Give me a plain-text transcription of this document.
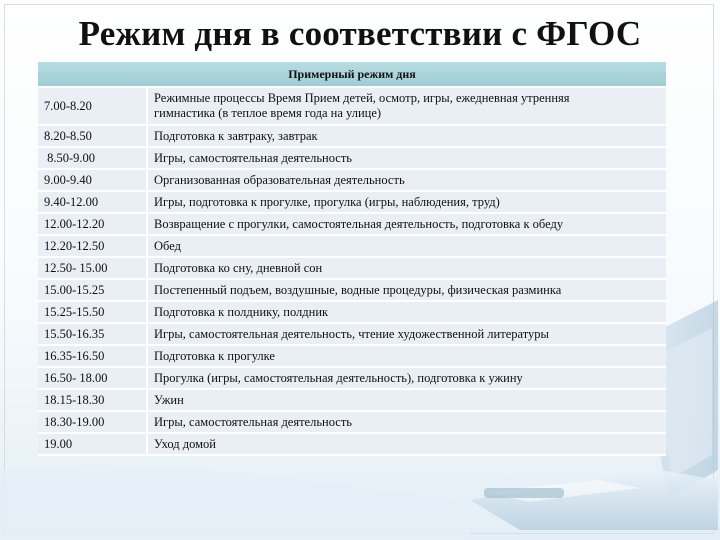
Режим дня в соответствии с ФГОС
Примерный режим дня	
7.00-8.20	Режимные процессы Время Прием детей, осмотр, игры, ежедневная утренняя гимнастика (в теплое время года на улице)
8.20-8.50	Подготовка к завтраку, завтрак
8.50-9.00	Игры, самостоятельная деятельность
9.00-9.40	Организованная образовательная деятельность
9.40-12.00	Игры, подготовка к прогулке, прогулка (игры, наблюдения, труд)
12.00-12.20	Возвращение с прогулки, самостоятельная деятельность, подготовка к обеду
12.20-12.50	Обед
12.50- 15.00	Подготовка ко сну, дневной сон
15.00-15.25	Постепенный подъем, воздушные, водные процедуры, физическая разминка
15.25-15.50	Подготовка к полднику, полдник
15.50-16.35	Игры, самостоятельная деятельность, чтение художественной литературы
16.35-16.50	Подготовка к прогулке
16.50- 18.00	Прогулка (игры, самостоятельная деятельность), подготовка к ужину
18.15-18.30	Ужин
18.30-19.00	Игры, самостоятельная деятельность
19.00	Уход домой
